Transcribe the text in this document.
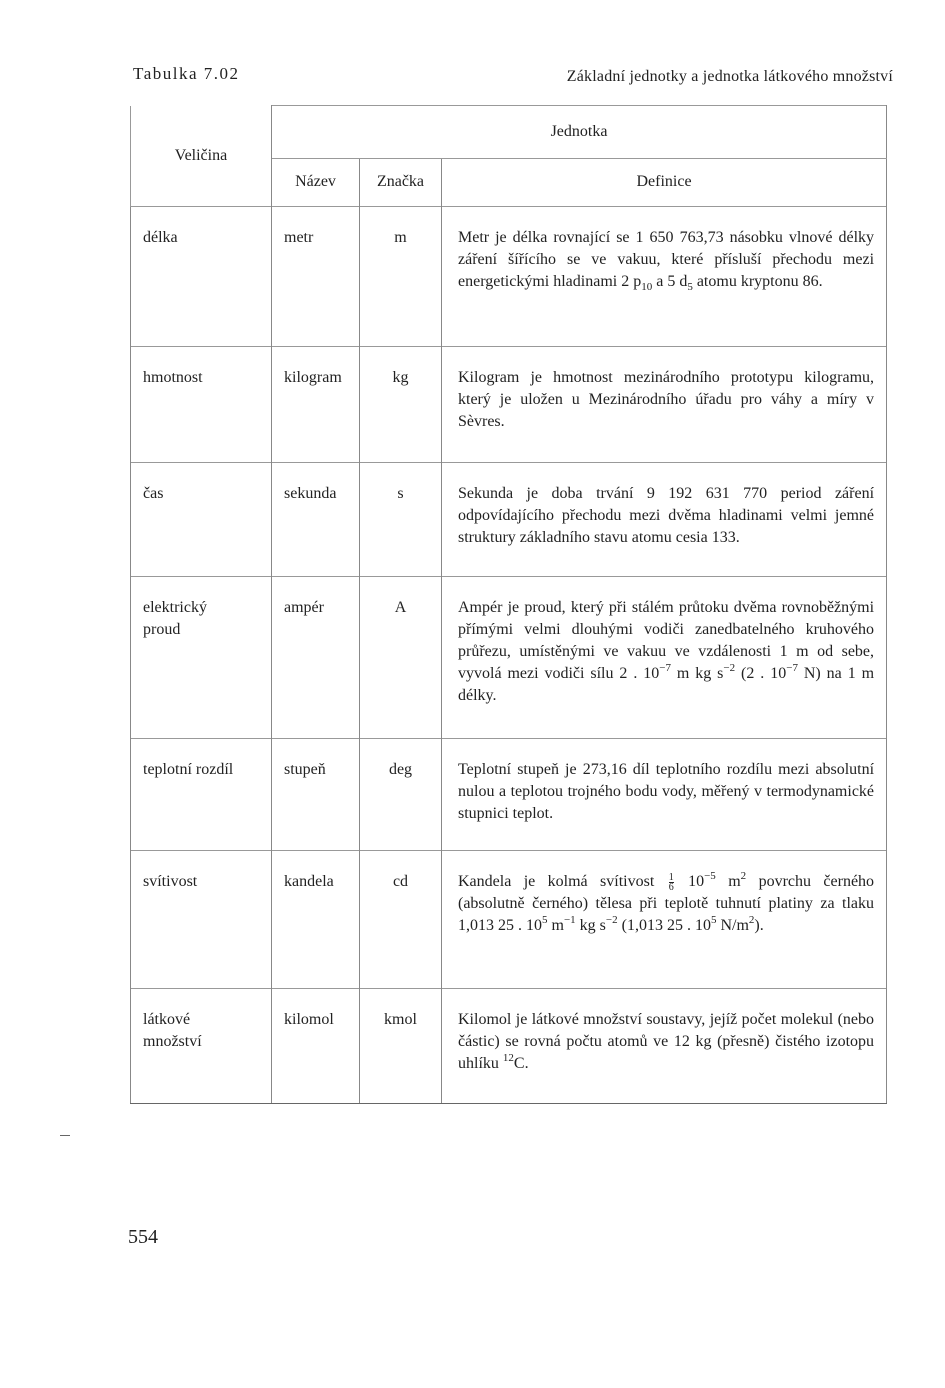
Tabulka 7.02	Základní jednotky a jednotka látkového množství
Veličina	Jednotka		
	Název	Značka	Definice
délka	metr	m	Metr je délka rovnající se 1 650 763,73 násobku vlnové délky záření šířícího se ve vakuu, které přísluší přechodu mezi energetickými hladinami 2 $p_{10}$ a 5 $d_5$ atomu kryptonu 86.
hmotnost	kilogram	kg	Kilogram je hmotnost mezinárodního prototypu kilogramu, který je uložen u Mezinárodního úřadu pro váhy a míry v Sèvres.
čas	sekunda	s	Sekunda je doba trvání 9 192 631 770 period záření odpovídajícího přechodu mezi dvěma hladinami velmi jemné struktury základního stavu atomu cesia 133.
elektrický proud	ampér	A	Ampér je proud, který při stálém průtoku dvěma rovnoběžnými přímými velmi dlouhými vodiči zanedbatelného kruhového průřezu, umístěnými ve vakuu ve vzdálenosti 1 m od sebe, vyvolá mezi vodiči sílu 2 . $10^{-7}$ m kg $s^{-2}$ (2 . $10^{-7}$ N) na 1 m délky.
teplotní rozdíl	stupeň	deg	Teplotní stupeň je 273,16 díl teplotního rozdílu mezi absolutní nulou a teplotou trojného bodu vody, měřený v termodynamické stupnici teplot.
svítivost	kandela	cd	Kandela je kolmá svítivost $\frac{1}{6} 10^{-5}$ $m^2$ povrchu černého (absolutně černého) tělesa při teplotě tuhnutí platiny za tlaku 1,013 25 . $10^5$ $m^{-1}$ kg $s^{-2}$ (1,013 25 . $10^5$ $N/m^2$).
látkové množství	kilomol	kmol	Kilomol je látkové množství soustavy, jejíž počet molekul (nebo částic) se rovná počtu atomů ve 12 kg (přesně) čistého izotopu uhlíku $^{12}$C.
554
